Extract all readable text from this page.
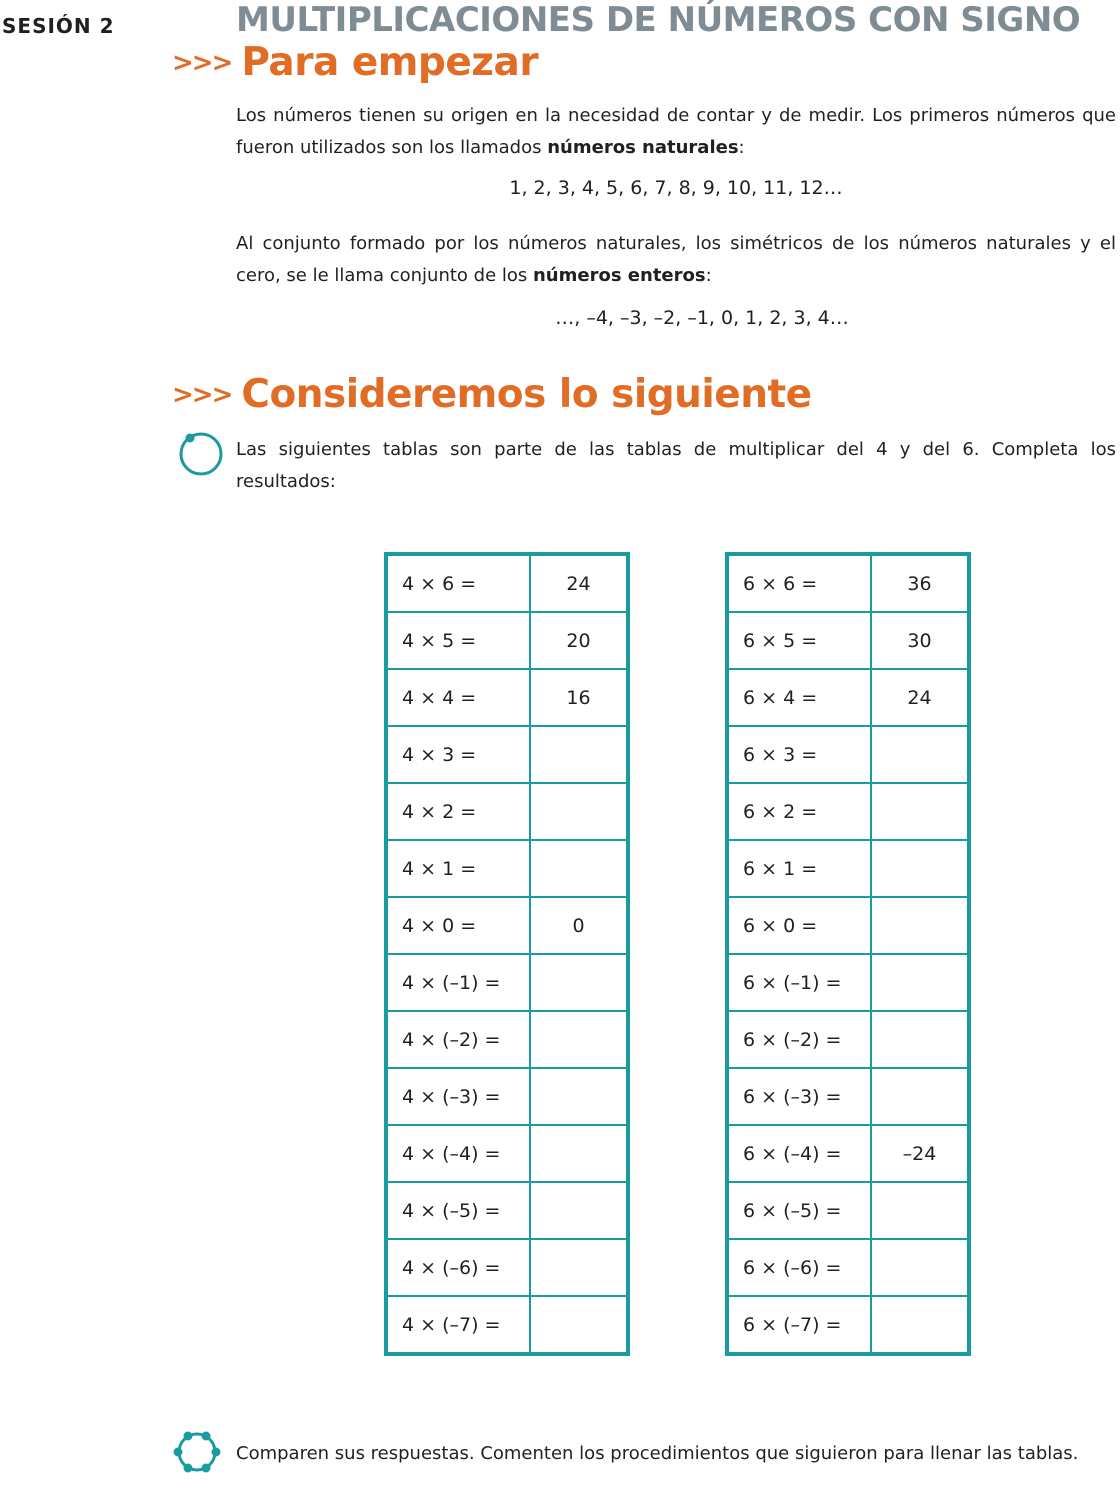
SESIÓN 2	MULTIPLICACIONES DE NÚMEROS CON SIGNO
>>> Para empezar
Los números tienen su origen en la necesidad de contar y de medir. Los primeros números que fueron utilizados son los llamados números naturales:
1, 2, 3, 4, 5, 6, 7, 8, 9, 10, 11, 12…
Al conjunto formado por los números naturales, los simétricos de los números naturales y el cero, se le llama conjunto de los números enteros:
…, –4, –3, –2, –1, 0, 1, 2, 3, 4…
>>> Consideremos lo siguiente
Las siguientes tablas son parte de las tablas de multiplicar del 4 y del 6. Completa los resultados:
4 × 6 =	24
4 × 5 =	20
4 × 4 =	16
4 × 3 =	
4 × 2 =	
4 × 1 =	
4 × 0 =	0
4 × (–1) =	
4 × (–2) =	
4 × (–3) =	
4 × (–4) =	
4 × (–5) =	
4 × (–6) =	
4 × (–7) =	
6 × 6 =	36
6 × 5 =	30
6 × 4 =	24
6 × 3 =	
6 × 2 =	
6 × 1 =	
6 × 0 =	
6 × (–1) =	
6 × (–2) =	
6 × (–3) =	
6 × (–4) =	–24
6 × (–5) =	
6 × (–6) =	
6 × (–7) =	
Comparen sus respuestas. Comenten los procedimientos que siguieron para llenar las tablas.
